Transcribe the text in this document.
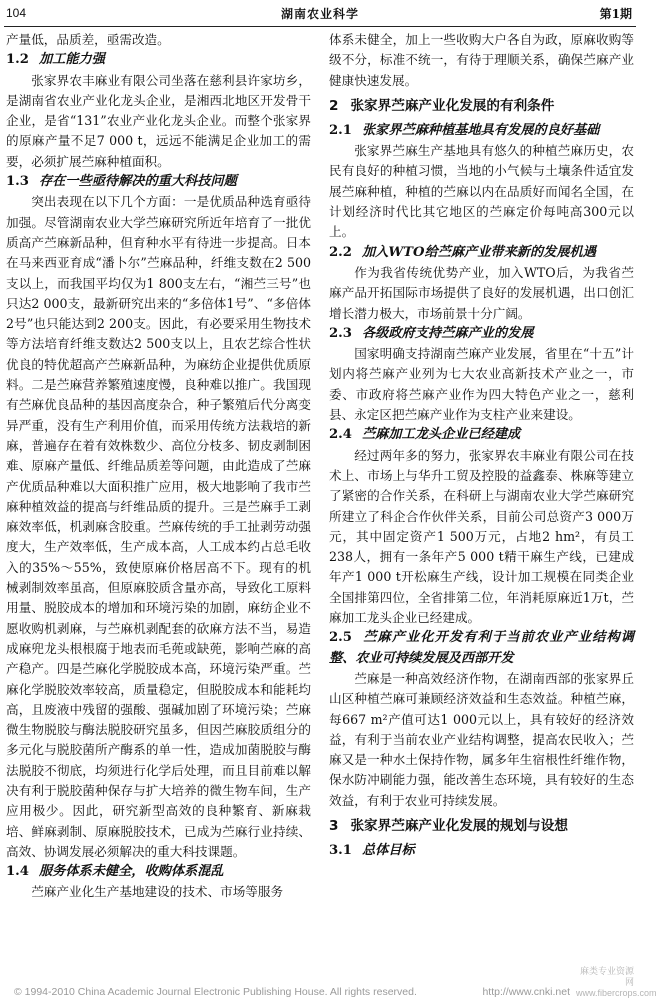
104	湖南农业科学	第1期

产量低，品质差，亟需改造。

1.2 加工能力强

张家界农丰麻业有限公司坐落在慈利县许家坊乡，是湖南省农业产业化龙头企业，是湘西北地区开发骨干企业，是省“131”农业产业化龙头企业。而整个张家界的原麻产量不足7 000 t，远远不能满足企业加工的需要，必须扩展苎麻种植面积。

1.3 存在一些亟待解决的重大科技问题

突出表现在以下几个方面：一是优质品种选育亟待加强。尽管湖南农业大学苎麻研究所近年培育了一批优质高产苎麻新品种，但育种水平有待进一步提高。日本在马来西亚育成“潘卜尔”苎麻品种，纤维支数在2 500支以上，而我国平均仅为1 800支左右，“湘苎三号”也只达2 000支，最新研究出来的“多倍体1号”、“多倍体2号”也只能达到2 200支。因此，有必要采用生物技术等方法培育纤维支数达2 500支以上，且农艺综合性状优良的特优超高产苎麻新品种，为麻纺企业提供优质原料。二是苎麻营养繁殖速度慢，良种难以推广。我国现有苎麻优良品种的基因高度杂合，种子繁殖后代分离变异严重，没有生产利用价值，而采用传统方法栽培的新麻，普遍存在着有效株数少、高位分枝多、韧皮剥制困难、原麻产量低、纤维品质差等问题，由此造成了苎麻产优质品种难以大面积推广应用，极大地影响了我市苎麻种植效益的提高与纤维品质的提升。三是苎麻手工剥麻效率低，机剥麻含胶重。苎麻传统的手工扯剥劳动强度大，生产效率低，生产成本高，人工成本约占总毛收入的35%～55%，致使原麻价格居高不下。现有的机械剥制效率虽高，但原麻胶质含量亦高，导致化工原料用量、脱胶成本的增加和环境污染的加剧，麻纺企业不愿收购机剥麻，与苎麻机剥配套的砍麻方法不当，易造成麻兜龙头根根腐于地表而毛蔸或缺蔸，影响苎麻的高产稳产。四是苎麻化学脱胶成本高，环境污染严重。苎麻化学脱胶效率较高，质量稳定，但脱胶成本和能耗均高，且废液中残留的强酸、强碱加剧了环境污染；苎麻微生物脱胶与酶法脱胶研究虽多，但因苎麻胶质组分的多元化与脱胶菌所产酶系的单一性，造成加菌脱胶与酶法脱胶不彻底，均须进行化学后处理，而且目前难以解决有利于脱胶菌种保存与扩大培养的微生物车间，生产应用极少。因此，研究新型高效的良种繁育、新麻栽培、鲜麻剥制、原麻脱胶技术，已成为苎麻行业持续、高效、协调发展必须解决的重大科技课题。

1.4 服务体系未健全，收购体系混乱

苎麻产业化生产基地建设的技术、市场等服务

体系未健全，加上一些收购大户各自为政，原麻收购等级不分，标准不统一，有待于理顺关系，确保苎麻产业健康快速发展。

2 张家界苎麻产业化发展的有利条件
2.1 张家界苎麻种植基地具有发展的良好基础

张家界苎麻生产基地具有悠久的种植苎麻历史，农民有良好的种植习惯，当地的小气候与土壤条件适宜发展苎麻种植，种植的苎麻以内在品质好而闻名全国，在计划经济时代比其它地区的苎麻定价每吨高300元以上。

2.2 加入WTO给苎麻产业带来新的发展机遇

作为我省传统优势产业，加入WTO后，为我省苎麻产品开拓国际市场提供了良好的发展机遇，出口创汇增长潜力极大，市场前景十分广阔。

2.3 各级政府支持苎麻产业的发展

国家明确支持湖南苎麻产业发展，省里在“十五”计划内将苎麻产业列为七大农业高新技术产业之一，市委、市政府将苎麻产业作为四大特色产业之一，慈利县、永定区把苎麻产业作为支柱产业来建设。

2.4 苎麻加工龙头企业已经建成

经过两年多的努力，张家界农丰麻业有限公司在技术上、市场上与华升工贸及控股的益鑫泰、株麻等建立了紧密的合作关系，在科研上与湖南农业大学苎麻研究所建立了科企合作伙伴关系，目前公司总资产3 000万元，其中固定资产1 500万元，占地2 hm²，有员工238人，拥有一条年产5 000 t精干麻生产线，已建成年产1 000 t开松麻生产线，设计加工规模在同类企业全国排第四位，全省排第二位，年消耗原麻近1万t，苎麻加工龙头企业已经建成。

2.5 苎麻产业化开发有利于当前农业产业结构调整、农业可持续发展及西部开发

苎麻是一种高效经济作物，在湖南西部的张家界丘山区种植苎麻可兼顾经济效益和生态效益。种植苎麻，每667 m²产值可达1 000元以上，具有较好的经济效益，有利于当前农业产业结构调整，提高农民收入；苎麻又是一种水土保持作物，属多年生宿根性纤维作物，保水防冲刷能力强，能改善生态环境，具有较好的生态效益，有利于农业可持续发展。

3 张家界苎麻产业化发展的规划与设想
3.1 总体目标
© 1994-2010 China Academic Journal Electronic Publishing House. All rights reserved.	http://www.cnki.net
麻类专业资源网
www.fibercrops.com
